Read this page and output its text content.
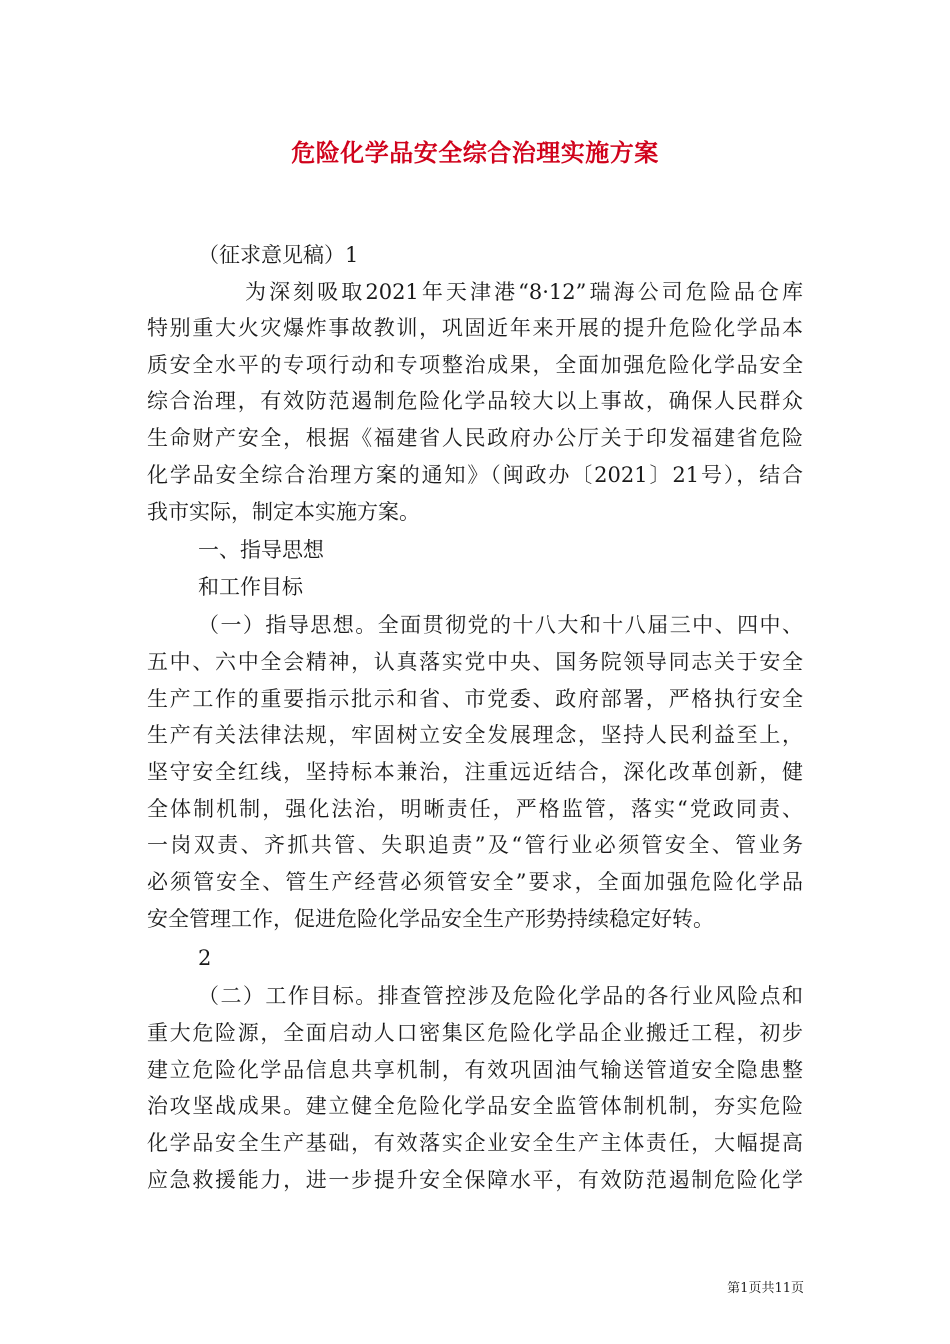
危险化学品安全综合治理实施方案
（征求意见稿）1
为深刻吸取2021年天津港“8·12”瑞海公司危险品仓库
特别重大火灾爆炸事故教训，巩固近年来开展的提升危险化学品本
质安全水平的专项行动和专项整治成果，全面加强危险化学品安全
综合治理，有效防范遏制危险化学品较大以上事故，确保人民群众
生命财产安全，根据《福建省人民政府办公厅关于印发福建省危险
化学品安全综合治理方案的通知》（闽政办〔2021〕21号），结合
我市实际，制定本实施方案。
一、指导思想
和工作目标
（一）指导思想。全面贯彻党的十八大和十八届三中、四中、
五中、六中全会精神，认真落实党中央、国务院领导同志关于安全
生产工作的重要指示批示和省、市党委、政府部署，严格执行安全
生产有关法律法规，牢固树立安全发展理念，坚持人民利益至上，
坚守安全红线，坚持标本兼治，注重远近结合，深化改革创新，健
全体制机制，强化法治，明晰责任，严格监管，落实“党政同责、
一岗双责、齐抓共管、失职追责”及“管行业必须管安全、管业务
必须管安全、管生产经营必须管安全”要求，全面加强危险化学品
安全管理工作，促进危险化学品安全生产形势持续稳定好转。
2
（二）工作目标。排查管控涉及危险化学品的各行业风险点和
重大危险源，全面启动人口密集区危险化学品企业搬迁工程，初步
建立危险化学品信息共享机制，有效巩固油气输送管道安全隐患整
治攻坚战成果。建立健全危险化学品安全监管体制机制，夯实危险
化学品安全生产基础，有效落实企业安全生产主体责任，大幅提高
应急救援能力，进一步提升安全保障水平，有效防范遏制危险化学
第1页共11页
